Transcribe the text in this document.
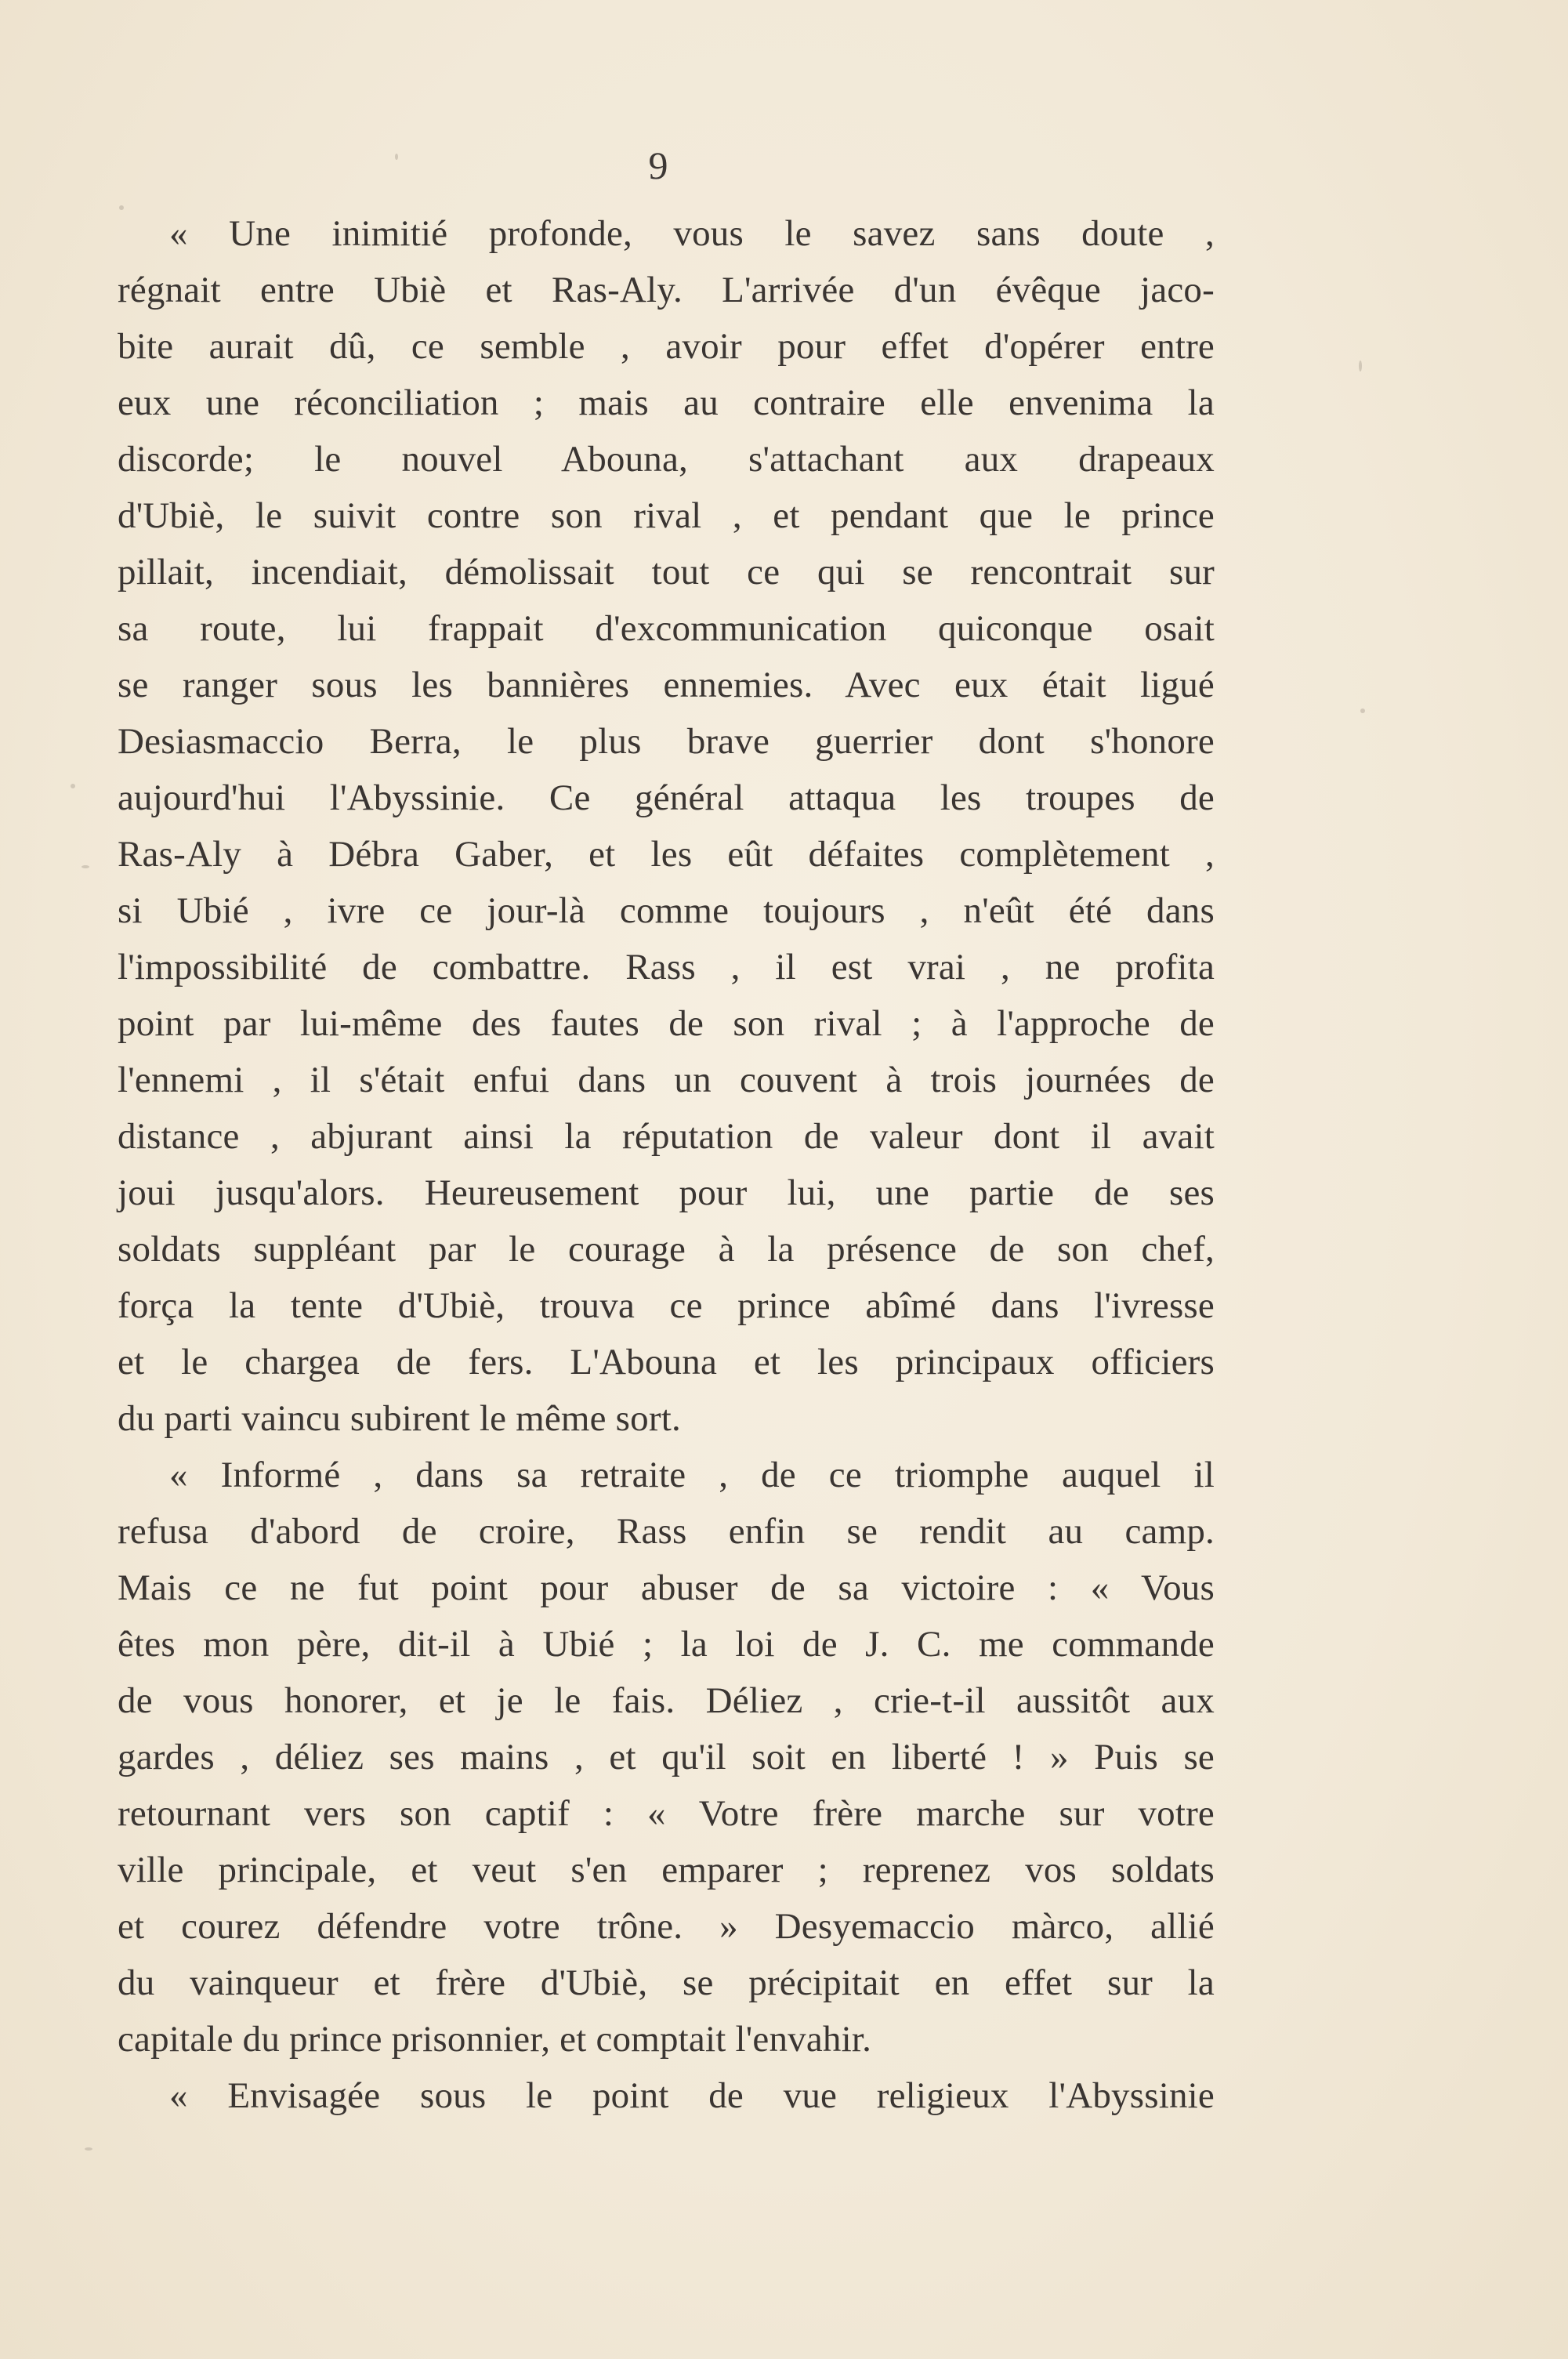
9
« Une inimitié profonde, vous le savez sans doute ,
régnait entre Ubiè et Ras-Aly. L'arrivée d'un évêque jaco-
bite aurait dû, ce semble , avoir pour effet d'opérer entre
eux une réconciliation ; mais au contraire elle envenima la
discorde; le nouvel Abouna, s'attachant aux drapeaux
d'Ubiè, le suivit contre son rival , et pendant que le prince
pillait, incendiait, démolissait tout ce qui se rencontrait sur
sa route, lui frappait d'excommunication quiconque osait
se ranger sous les bannières ennemies. Avec eux était ligué
Desiasmaccio Berra, le plus brave guerrier dont s'honore
aujourd'hui l'Abyssinie. Ce général attaqua les troupes de
Ras-Aly à Débra Gaber, et les eût défaites complètement ,
si Ubié , ivre ce jour-là comme toujours , n'eût été dans
l'impossibilité de combattre. Rass , il est vrai , ne profita
point par lui-même des fautes de son rival ; à l'approche de
l'ennemi , il s'était enfui dans un couvent à trois journées de
distance , abjurant ainsi la réputation de valeur dont il avait
joui jusqu'alors. Heureusement pour lui, une partie de ses
soldats suppléant par le courage à la présence de son chef,
força la tente d'Ubiè, trouva ce prince abîmé dans l'ivresse
et le chargea de fers. L'Abouna et les principaux officiers
du parti vaincu subirent le même sort.
« Informé , dans sa retraite , de ce triomphe auquel il
refusa d'abord de croire, Rass enfin se rendit au camp.
Mais ce ne fut point pour abuser de sa victoire : « Vous
êtes mon père, dit-il à Ubié ; la loi de J. C. me commande
de vous honorer, et je le fais. Déliez , crie-t-il aussitôt aux
gardes , déliez ses mains , et qu'il soit en liberté ! » Puis se
retournant vers son captif : « Votre frère marche sur votre
ville principale, et veut s'en emparer ; reprenez vos soldats
et courez défendre votre trône. » Desyemaccio màrco, allié
du vainqueur et frère d'Ubiè, se précipitait en effet sur la
capitale du prince prisonnier, et comptait l'envahir.
« Envisagée sous le point de vue religieux l'Abyssinie
